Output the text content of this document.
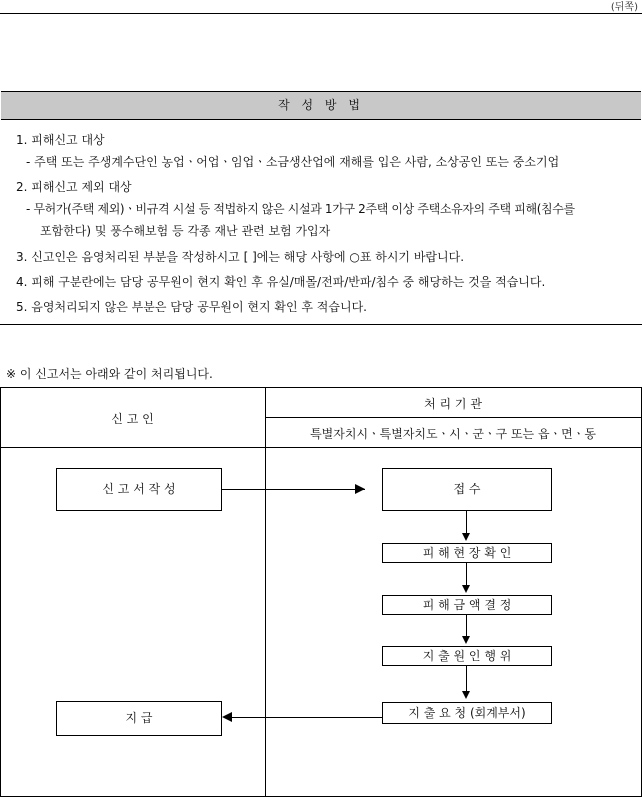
(뒤쪽)
작 성 방 법
1. 피해신고 대상
- 주택 또는 주생계수단인 농업ㆍ어업ㆍ임업ㆍ소금생산업에 재해를 입은 사람, 소상공인 또는 중소기업
2. 피해신고 제외 대상
- 무허가(주택 제외)ㆍ비규격 시설 등 적법하지 않은 시설과 1가구 2주택 이상 주택소유자의 주택 피해(침수를
포함한다) 및 풍수해보험 등 각종 재난 관련 보험 가입자
3. 신고인은 음영처리된 부분을 작성하시고 [ ]에는 해당 사항에 ○표 하시기 바랍니다.
4. 피해 구분란에는 담당 공무원이 현지 확인 후 유실/매몰/전파/반파/침수 중 해당하는 것을 적습니다.
5. 음영처리되지 않은 부분은 담당 공무원이 현지 확인 후 적습니다.
※ 이 신고서는 아래와 같이 처리됩니다.
신 고 인
처 리 기 관
특별자치시ㆍ특별자치도ㆍ시ㆍ군ㆍ구 또는 읍ㆍ면ㆍ동
신 고 서 작 성	접 수
피 해 현 장 확 인
피 해 금 액 결 정
지 출 원 인 행 위
지 출 요 청 (회계부서)
지 급
